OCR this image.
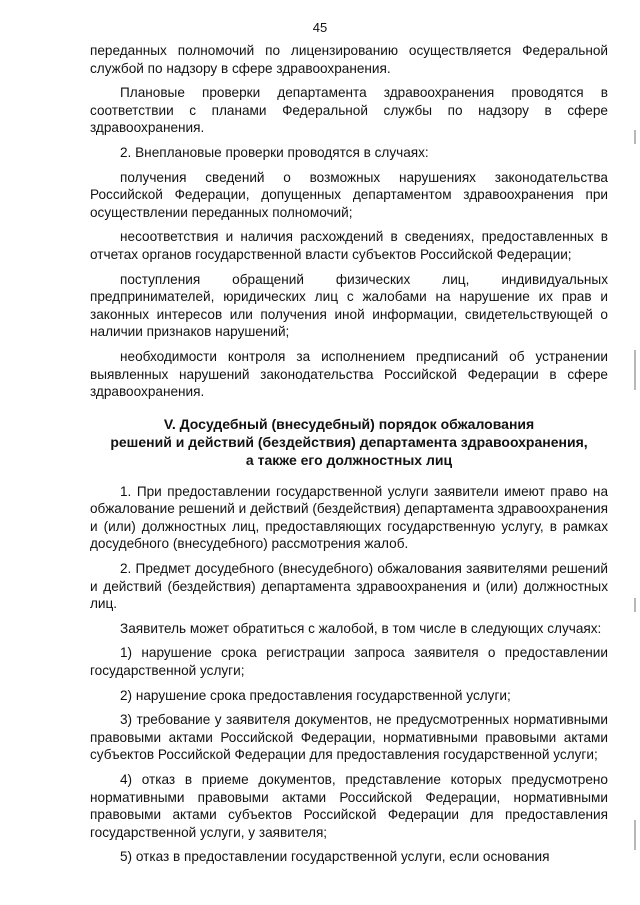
45

переданных полномочий по лицензированию осуществляется Федеральной службой по надзору в сфере здравоохранения.

Плановые проверки департамента здравоохранения проводятся в соответствии с планами Федеральной службы по надзору в сфере здравоохранения.

2. Внеплановые проверки проводятся в случаях:

получения сведений о возможных нарушениях законодательства Российской Федерации, допущенных департаментом здравоохранения при осуществлении переданных полномочий;

несоответствия и наличия расхождений в сведениях, предоставленных в отчетах органов государственной власти субъектов Российской Федерации;

поступления обращений физических лиц, индивидуальных предпринимателей, юридических лиц с жалобами на нарушение их прав и законных интересов или получения иной информации, свидетельствующей о наличии признаков нарушений;

необходимости контроля за исполнением предписаний об устранении выявленных нарушений законодательства Российской Федерации в сфере здравоохранения.

V. Досудебный (внесудебный) порядок обжалования
решений и действий (бездействия) департамента здравоохранения,
а также его должностных лиц

1. При предоставлении государственной услуги заявители имеют право на обжалование решений и действий (бездействия) департамента здравоохранения и (или) должностных лиц, предоставляющих государственную услугу, в рамках досудебного (внесудебного) рассмотрения жалоб.

2. Предмет досудебного (внесудебного) обжалования заявителями решений и действий (бездействия) департамента здравоохранения и (или) должностных лиц.

Заявитель может обратиться с жалобой, в том числе в следующих случаях:

1) нарушение срока регистрации запроса заявителя о предоставлении государственной услуги;

2) нарушение срока предоставления государственной услуги;

3) требование у заявителя документов, не предусмотренных нормативными правовыми актами Российской Федерации, нормативными правовыми актами субъектов Российской Федерации для предоставления государственной услуги;

4) отказ в приеме документов, представление которых предусмотрено нормативными правовыми актами Российской Федерации, нормативными правовыми актами субъектов Российской Федерации для предоставления государственной услуги, у заявителя;

5) отказ в предоставлении государственной услуги, если основания
